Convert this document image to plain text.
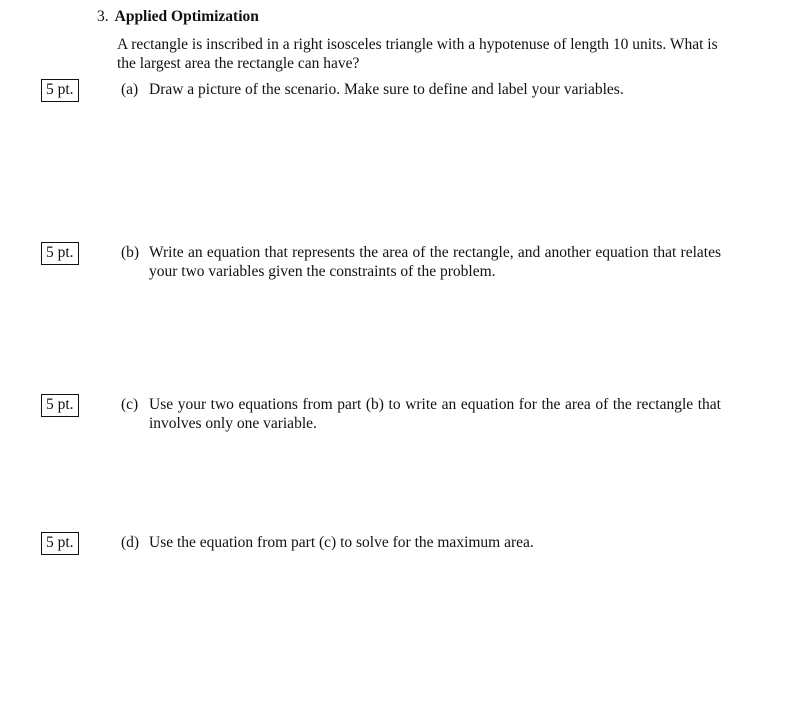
3. Applied Optimization
A rectangle is inscribed in a right isosceles triangle with a hypotenuse of length 10 units. What is the largest area the rectangle can have?
5 pt.	(a) Draw a picture of the scenario. Make sure to define and label your variables.
5 pt.	(b) Write an equation that represents the area of the rectangle, and another equation that relates your two variables given the constraints of the problem.
5 pt.	(c) Use your two equations from part (b) to write an equation for the area of the rectangle that involves only one variable.
5 pt.	(d) Use the equation from part (c) to solve for the maximum area.
